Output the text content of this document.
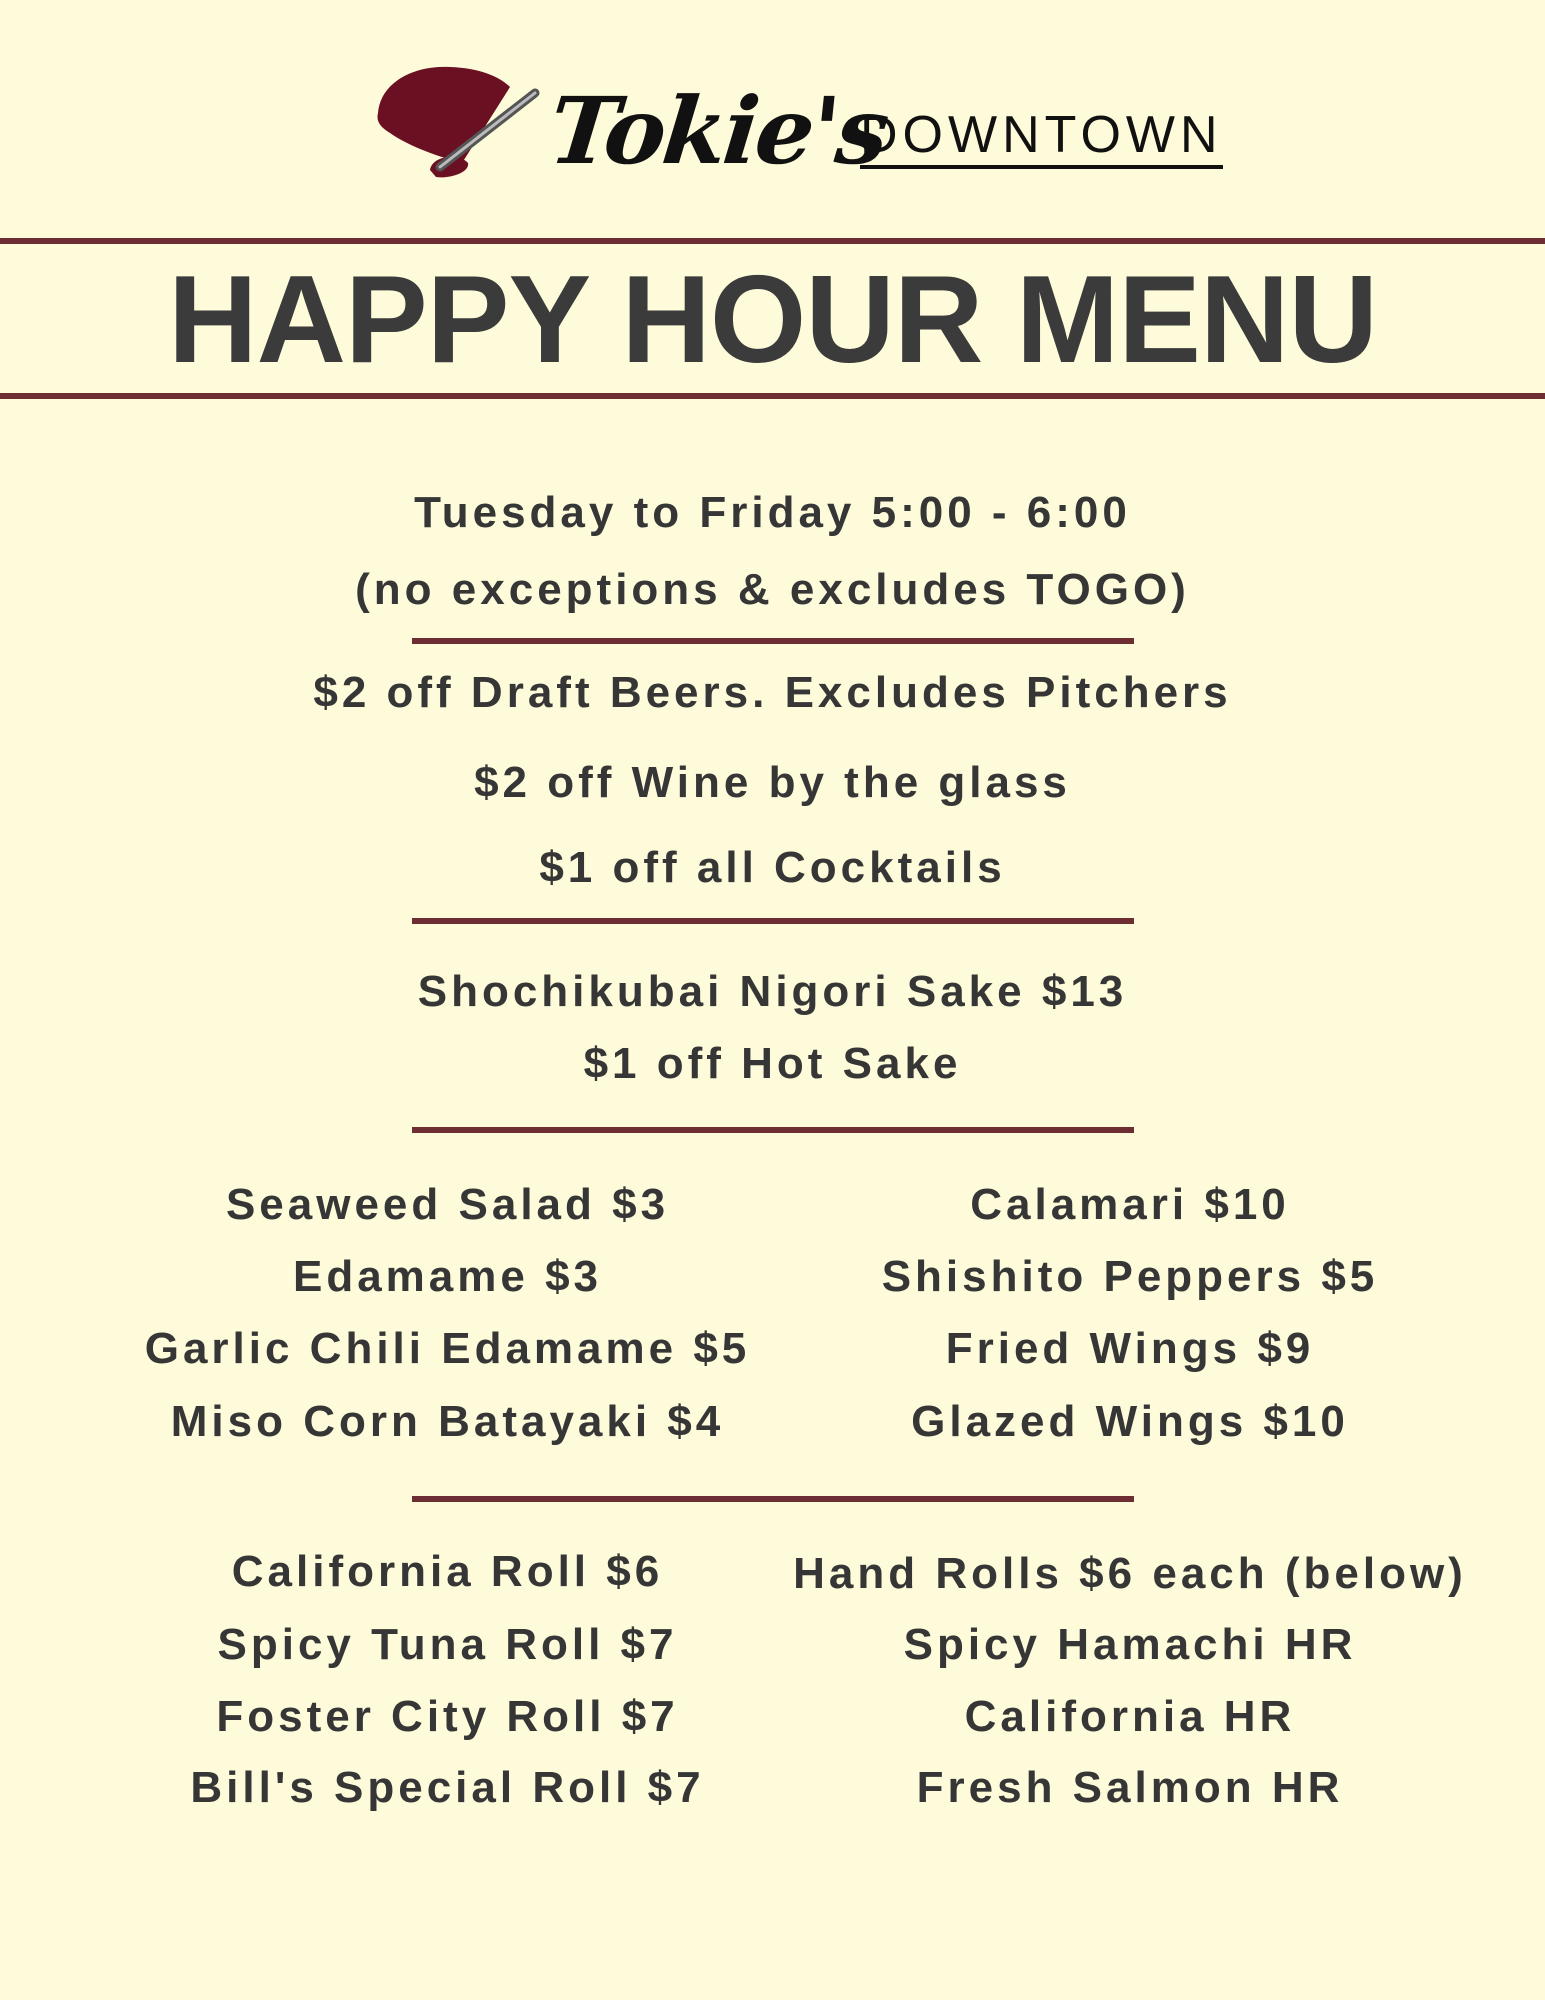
Tokie's
DOWNTOWN
HAPPY HOUR MENU
Tuesday to Friday 5:00 - 6:00
(no exceptions & excludes TOGO)
$2 off Draft Beers. Excludes Pitchers
$2 off Wine by the glass
$1 off all Cocktails
Shochikubai Nigori Sake $13
$1 off Hot Sake
Seaweed Salad $3
Edamame $3
Garlic Chili Edamame $5
Miso Corn Batayaki $4
Calamari $10
Shishito Peppers $5
Fried Wings $9
Glazed Wings $10
California Roll $6
Spicy Tuna Roll $7
Foster City Roll $7
Bill's Special Roll $7
Hand Rolls $6 each (below)
Spicy Hamachi HR
California HR
Fresh Salmon HR
